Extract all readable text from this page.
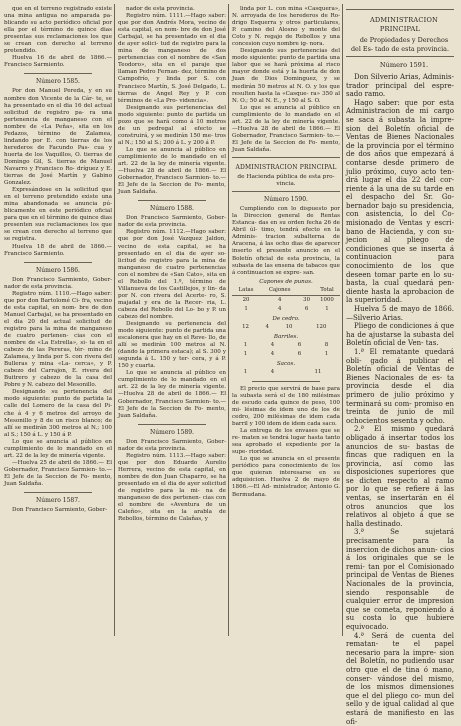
que en el terreno registrado existe una mina antigua no amparada pa- blicando su acto periódico oficial por ella por el término de quince dias presentas sus reclamaciones los que se crean con derecho al terreno pretendido.

Huelva 16 de abril de 1866.— Francisco Sarmiento.

Número 1585.

Por don Manuel Pereda, y en su nombre don Vicente de la Cár- te, se ha presentado en el dia 16 del actual solicitud de registro pa- ra una pertenencia de manganeso con el nombre de «La Peña», sita en los Pedazos, término de Zalamea, lindando por E. con tierras de los herederos de Facundo Pas- cua y huerta de los Vaquillos, O. tierras de Domingo Gil, S. tierras de Manuel Navarro y Francisco Ro- dríguez y E. tierras de José Martín y Gabino Gonzalez.

Expresándose en la solicitud que en el terreno pretendido existe una mina abandonada se anuncia pú- blicamente en este periódico oficial para que en el término de quince dias presenten sus reclamaciones los que se crean con derecho al terreno que se registra.

Huelva 18 de abril de 1866.— Francisco Sarmiento.

Número 1586.

Don Francisco Sarmiento, Gober- nador de esta provincia.

Registro núm. 1110.—Hago saber: que por don Bartolomé Ci- fra, vecino de esta capital, en nom- bre de don Manuel Carbajal, se ha presentado en el dia 20 del actual solicitud de registro para la mina de manganeso de cuatro pertenen- cias con el nombre de «La Estrella», si- ta en el cabezo de las Pereras, tér- mino de Zalamea, y linda por S. con rivera del Bulleras y mina «La- cerca», y P. cabezo del Carrajon, E. rivera del Buitrero y cabezo de la casa del Pobre y N. cabezo del Mesonillo.

Designando su pertenencia del modo siguiente: punto de partida la calle del Lomero de la casa del Pi- che á 4 y 6 metros del arroyo de Mesonillo y 8 de un risco blanco; de allí se medirán 300 metros al N.; 100 al S.; 150 á L. y 150 á P.

Lo que se anuncia al público en cumplimiento de lo mandado en el art. 22 de la ley de minería vigente.

—Huelva 25 de abril de 1866.— El Gobernador, Francisco Sarmien- to.—El Jefe de la Seccion de Fo- mento, Juan Saldaña.

Número 1587.

Don Francisco Sarmiento, Gober-

nador de esta provincia.

Registro núm. 1111.—Hago saber: que por don Andrés Mora, vecino de esta capital, en nom- bre de don José Carbajal, se ha presentado en el dia de ayer solici- tud de registro para la mina de manganeso de dos pertenencias con el nombre de «San Teodoro», sita en el paraje que llaman Pedro Fernan- dez, término de Campofrío, y linda por S. con Francisco Martín, S. José Delgado, L. tierras de Angel Rey y P. con términos de «La Pro- videncia».

Designando sus pertenencias del modo siguiente: punto de partida un pozo que se hará como á 10 metros de un pedregal al efecto se construirá, y se medirán 150 me- tros al N.; 150 al S.; 200 á L. y 200 á P.

Lo que se anuncia al público en cumplimiento de lo mandado en el art. 22 de la ley de minería vigente. —Huelva 28 de abril de 1866.— El Gobernador, Francisco Sarmien- to.—El Jefe de la Seccion de Fo- mento, Juan Saldaña.

Número 1588.

Don Francisco Sarmiento, Gober- nador de esta provincia.

Registro núm. 1112.—Hago saber: que por don José Vazquez Jaldon, vecino de esta capital, se ha presentado en el dia de ayer so- licitud de registro para la mina de manganeso de cuatro pertenencias con el nombre de «San Cato», sita en el Rebollo del 1.º, término de Villanueva de los Castillejos, y lin- da por N. con rivera del Acerte- ro, S. majadal y era de la Recer- ria, L. cabeza del Rebollo del Lo- bo y P. un cabezo del nombre.

Designando su pertenencia del modo siguiente: punto de partida una escalonera que hay en el Reve- llo, de allí se medirán 100 metros al N. (dando la primera estaca); al S. 300 y segunda á L. 150 y ter- cera, y á P. 150 y cuarta.

Lo que se anuncia al público en cumplimiento de lo mandado en el art. 22 de la ley de minería vigente. —Huelva 28 de abril de 1866.— El Gobernador, Francisco Sarmien- to.—El Jefe de la Seccion de Fo- mento, Juan Saldaña.

Número 1589.

Don Francisco Sarmiento, Gober- nador de esta provincia.

Registro núm. 1113.—Hago saber: que por don Eduardo Aurelio Herrera, vecino de esta capital, en nombre de don Juan Chaparro, se ha presentado en el dia de ayer solicitud de registro para la mi- na de manganeso de dos pertenen- cias con el nombre de «Aventura de un Caleño», sita en la arabla de Rebollos, término de Calañas, y

linda por L. con mina «Casquera», N. arroyada de los herederos de Ro- drigo Esquerra y otros particulares, P. camino del Alosno y monte del Coto y N. regajo de Rebollos y una concesion cuyo nombre ig- nora.

Designando sus pertenencias del modo siguiente: punto de partida una labor que se hará próxima al risco mayor donde está y la huerta de don Juan de Dios Dominguez, y se medirán 50 metros al N. O. y los que resulten hasta la «Casque- ra» 350 al N. O.; 50 al N. E., y 150 al S. O.

Lo que se anuncia al público en cumplimiento de lo mandado en el art. 22 de la ley de minería vigente. —Huelva 28 de abril de 1866.— El Gobernador, Francisco Sarmien- to.—El Jefe de la Seccion de Fo- mento, Juan Saldaña.

ADMINISTRACION PRINCIPAL

de Hacienda pública de esta pro- vincia.

Número 1590.

Cumpliendo con lo dispuesto por la Direccion general de Rentas Estanca- das en su orden fecha 26 de Abril úl- timo, tendrá efecto en la Adminis- tracion subalterna de Aracena, á las ocho dias de aparecer inserto el presente anuncio en el Boletín oficial de esta provincia, la subasta de las ensena de tabacos que á continuacion se expre- san.

Capones de punas.

Latas	Cajones		Total
20	4	30	1000
1	4	6	1

De cedro.

12	4	10	120

Barriles.

1	4	6	8
1	4	6	1

Sacos.

1	4		11

El precio que servirá de base para la subasta será el de 180 milésimas de escudo cada quince de peso, 100 mi- lésimas de idem uno de los de cedro, 200 milésimas de idem cada barril y 100 idem de idem cada saco.

La entrega de los envases que se re- maten se tendrá lugar hasta tanto sea aprobado el expediente por la supe- rioridad.

Lo que se anuncia en el presente periódico para conocimiento de los que quieran interesarse en su adquisicion. Huelva 2 de mayo de 1866.—El Ad- ministrador, Antonio G. Bermudana.

ADMINISTRACION PRINCIPAL

de Propiedades y Derechos del Es- tado de esta provincia.

Número 1591.

Don Silverio Arias, Adminis- trador principal del espre- sado ramo.

Hago saber: que por esta Administracion de mi cargo se saca á subasta la impre- sion del Boletín oficial de Ventas de Bienes Nacionales de la provincia por el término de dos años que empezará á contarse desde primero de julio próximo, cuyo acto ten- drá lugar el dia 22 del cor- riente á la una de su tarde en el despacho del Sr. Go- bernador bajo su presidencia, con asistencia, lo del Co- misionado de Ventas y escri- bano de Hacienda, y con su- jecion al pliego de condiciones que se inserta á continuacion para conocimiento de los que deseen tomar parte en lo su- basta, la cual quedará pen- diente hasta la aprobacion de la superioridad.

Huelva 5 de mayo de 1866. —Silverio Arias.

Pliego de condiciones á que ha de ajustarse la subasta del Boletín oficial de Ven- tas.

1.ª El rematante quedará obli- gado á publicar el Boletín oficial de Ventas de Bienes Nacionales de es- ta provincia desde el dia primero de julio próximo y terminará su com- promiso en treinta de junio de mil ochocientos sesenta y ocho.

2.ª El mismo quedará obligado á insertar todos los anuncios de su- bastas de fincas que radiquen en la provincia, así como las disposiciones superiores que se dicten respecto al ramo por lo que se refiere á las ventas, se insertarán en él otros anuncios que los relativos al objeto á que se halla destinado.

3.ª Se sujetará precisamente para la insercion de dichos anun- cios á los originales que se le remi- tan por el Comisionado principal de Ventas de Bienes Nacionales de la provincia, siendo responsable de cualquier error de impresion que se cometa, reponiendo á su costa lo que hubiere equivocado.

4.ª Será de cuenta del rematan- te el papel necesario para la impre- sion del Boletín, no pudiendo usar otro que el de tina ó mano, conser- vándose del mismo, de los mismos dimensiones que el del pliego co- mun del sello y de igual calidad al que estará de manifiesto en las ofi-
